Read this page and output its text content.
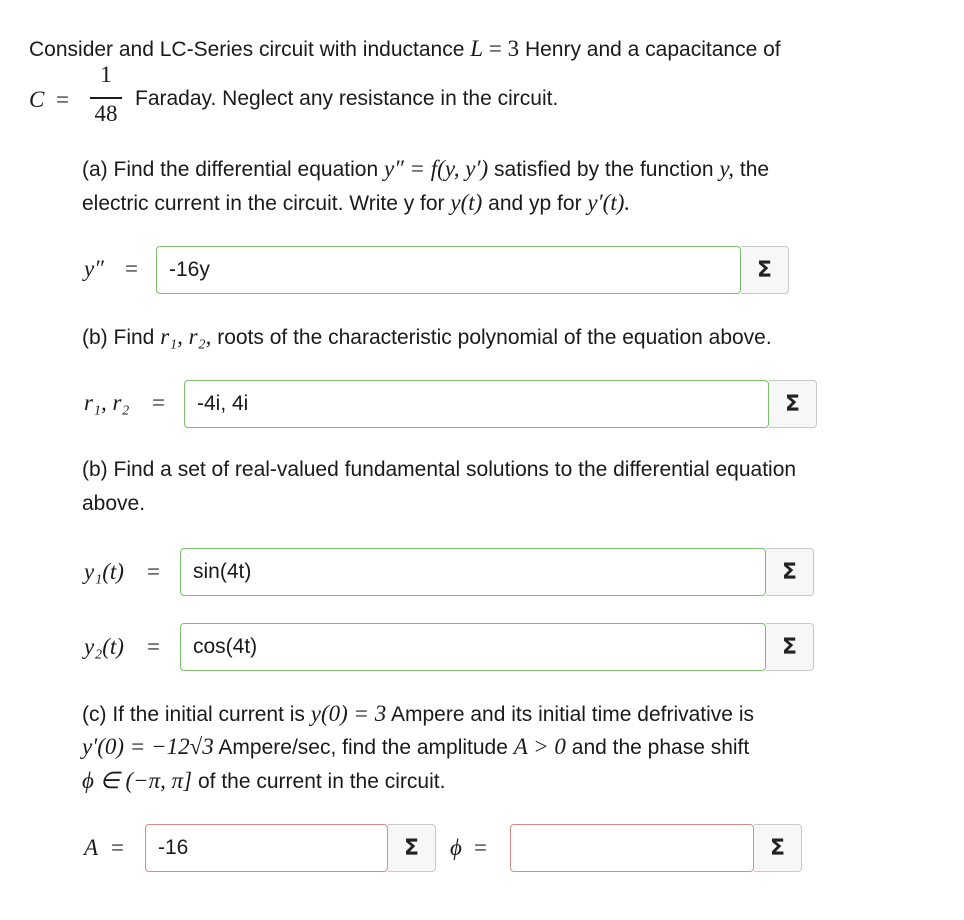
Consider and LC-Series circuit with inductance L = 3 Henry and a capacitance of
C =
1
48
Faraday. Neglect any resistance in the circuit.
(a) Find the differential equation y″ = f(y, y′) satisfied by the function y, the
electric current in the circuit. Write y for y(t) and yp for y′(t).
y″ =
-16y	Σ
(b) Find r₁, r₂, roots of the characteristic polynomial of the equation above.
r₁, r₂ =
-4i, 4i	Σ
(b) Find a set of real-valued fundamental solutions to the differential equation
above.
y₁(t) =
sin(4t)	Σ
y₂(t) =
cos(4t)	Σ
(c) If the initial current is y(0) = 3 Ampere and its initial time defrivative is
y′(0) = −12√3 Ampere/sec, find the amplitude A > 0 and the phase shift
ϕ ∈ (−π, π] of the current in the circuit.
A =
-16	Σ	ϕ =	Σ
